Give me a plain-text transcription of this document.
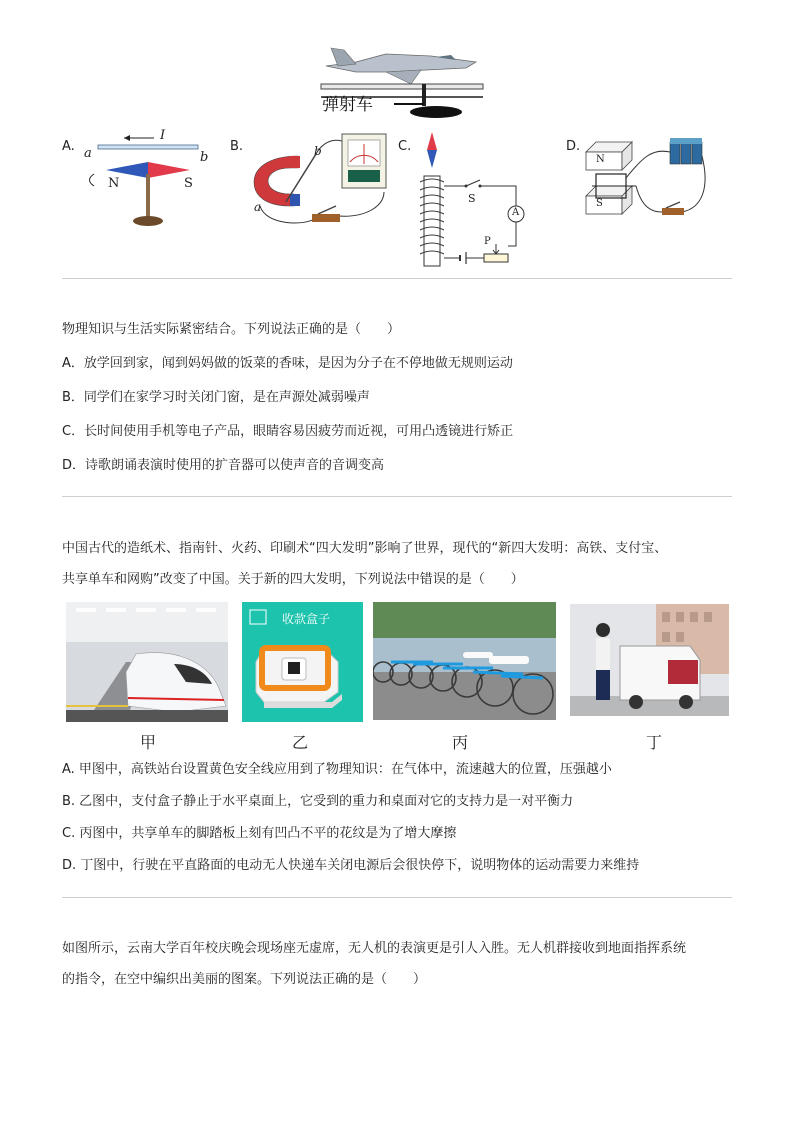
弹射车
A.	B.	C.	D.
I
a	b
N	S
b
a
S
A
P
N
S
物理知识与生活实际紧密结合。下列说法正确的是（　　）
A．放学回到家，闻到妈妈做的饭菜的香味，是因为分子在不停地做无规则运动
B．同学们在家学习时关闭门窗，是在声源处减弱噪声
C．长时间使用手机等电子产品，眼睛容易因疲劳而近视，可用凸透镜进行矫正
D．诗歌朗诵表演时使用的扩音器可以使声音的音调变高
中国古代的造纸术、指南针、火药、印刷术“四大发明”影响了世界，现代的“新四大发明：高铁、支付宝、
共享单车和网购”改变了中国。关于新的四大发明，下列说法中错误的是（　　）
甲
收款盒子
乙	丙	丁
A. 甲图中，高铁站台设置黄色安全线应用到了物理知识：在气体中，流速越大的位置，压强越小
B. 乙图中，支付盒子静止于水平桌面上，它受到的重力和桌面对它的支持力是一对平衡力
C. 丙图中，共享单车的脚踏板上刻有凹凸不平的花纹是为了增大摩擦
D. 丁图中，行驶在平直路面的电动无人快递车关闭电源后会很快停下，说明物体的运动需要力来维持
如图所示，云南大学百年校庆晚会现场座无虚席，无人机的表演更是引人入胜。无人机群接收到地面指挥系统
的指令，在空中编织出美丽的图案。下列说法正确的是（　　）
